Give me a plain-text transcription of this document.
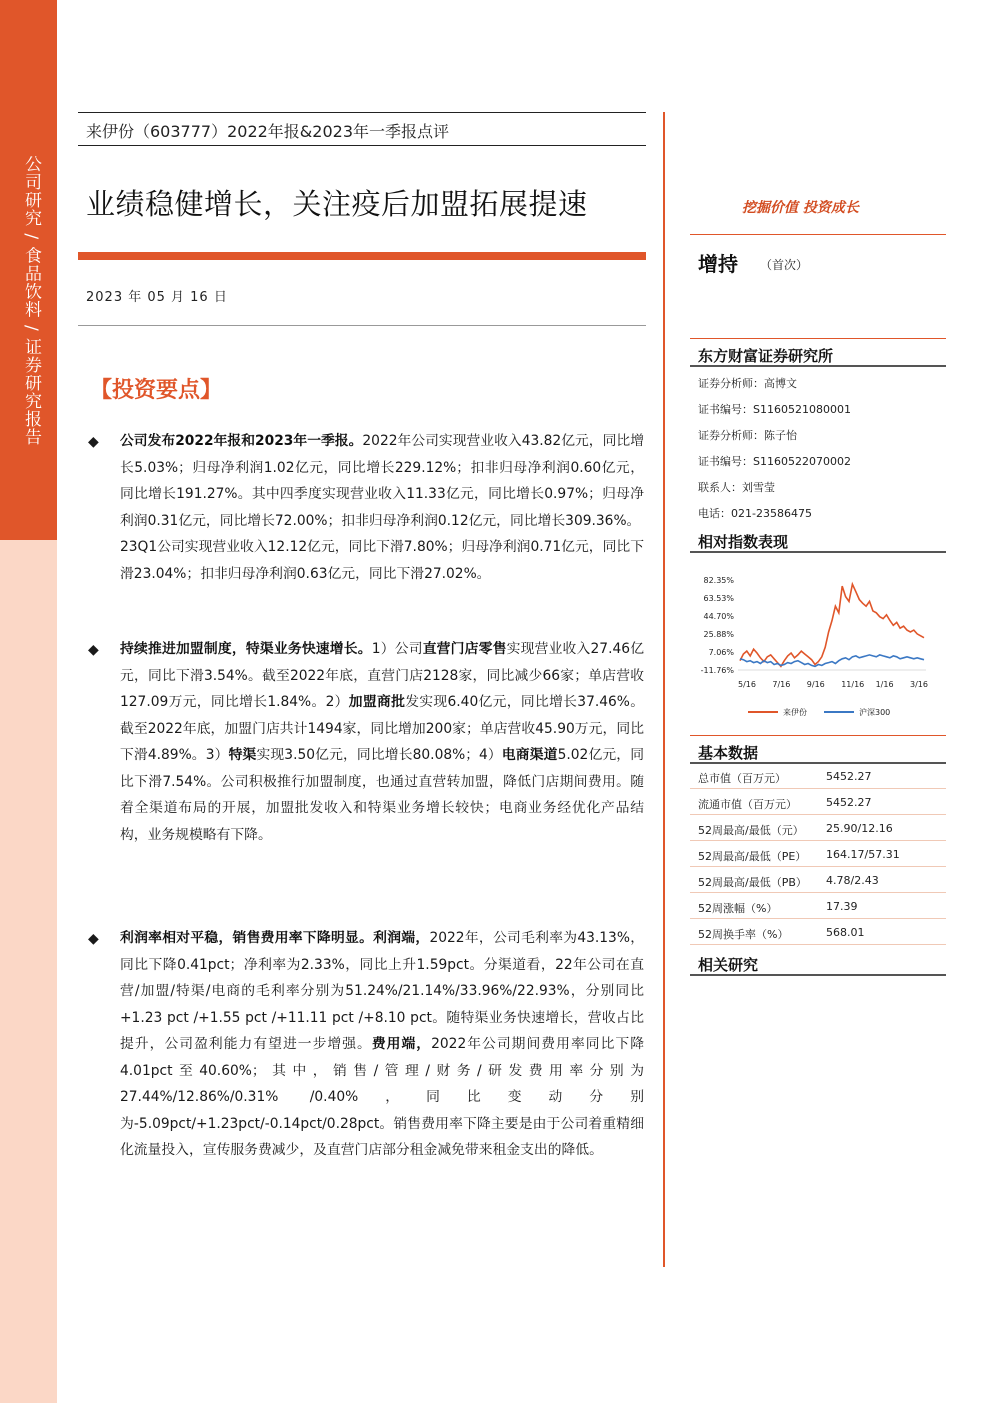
公司研究 / 食品饮料 / 证券研究报告
来伊份（603777）2022年报&2023年一季报点评
业绩稳健增长，关注疫后加盟拓展提速
2023 年 05 月 16 日
【投资要点】
◆ 公司发布2022年报和2023年一季报。2022年公司实现营业收入43.82亿元，同比增长5.03%；归母净利润1.02亿元，同比增长229.12%；扣非归母净利润0.60亿元，同比增长191.27%。其中四季度实现营业收入11.33亿元，同比增长0.97%；归母净利润0.31亿元，同比增长72.00%；扣非归母净利润0.12亿元，同比增长309.36%。
23Q1公司实现营业收入12.12亿元，同比下滑7.80%；归母净利润0.71亿元，同比下滑23.04%；扣非归母净利润0.63亿元，同比下滑27.02%。
◆ 持续推进加盟制度，特渠业务快速增长。1）公司直营门店零售实现营业收入27.46亿元，同比下滑3.54%。截至2022年底，直营门店2128家，同比减少66家；单店营收127.09万元，同比增长1.84%。2）加盟商批发实现6.40亿元，同比增长37.46%。截至2022年底，加盟门店共计1494家，同比增加200家；单店营收45.90万元，同比下滑4.89%。3）特渠实现3.50亿元，同比增长80.08%；4）电商渠道5.02亿元，同比下滑7.54%。公司积极推行加盟制度，也通过直营转加盟，降低门店期间费用。随着全渠道布局的开展，加盟批发收入和特渠业务增长较快；电商业务经优化产品结构，业务规模略有下降。
◆ 利润率相对平稳，销售费用率下降明显。利润端，2022年，公司毛利率为43.13%，同比下降0.41pct；净利率为2.33%，同比上升1.59pct。分渠道看，22年公司在直营/加盟/特渠/电商的毛利率分别为51.24%/21.14%/33.96%/22.93%，分别同比+1.23 pct /+1.55 pct /+11.11 pct /+8.10 pct。随特渠业务快速增长，营收占比提升，公司盈利能力有望进一步增强。费用端，2022年公司期间费用率同比下降4.01pct至40.60%；其中，销售/管理/财务/研发费用率分别为 27.44%/12.86%/0.31% /0.40%，同比变动分别为-5.09pct/+1.23pct/-0.14pct/0.28pct。销售费用率下降主要是由于公司着重精细化流量投入，宣传服务费减少，及直营门店部分租金减免带来租金支出的降低。
挖掘价值 投资成长
增持 （首次）
东方财富证券研究所
证券分析师：高博文
证书编号：S1160521080001
证券分析师：陈子怡
证书编号：S1160522070002
联系人：刘雪莹
电话：021-23586475
相对指数表现
82.35%
63.53%
44.70%
25.88%
7.06%
-11.76%
5/16 7/16 9/16 11/16 1/16 3/16
来伊份	沪深300
基本数据
总市值（百万元）	5452.27
流通市值（百万元）	5452.27
52周最高/最低（元） 25.90/12.16
52周最高/最低（PE） 164.17/57.31
52周最高/最低（PB） 4.78/2.43
52周涨幅（%）	17.39
52周换手率（%）	568.01
相关研究
